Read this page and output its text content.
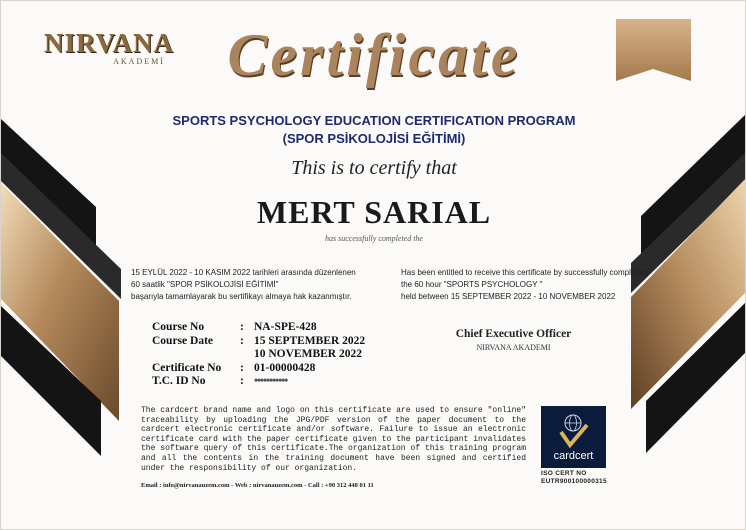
NIRVANA
AKADEMİ	Certificate
SPORTS PSYCHOLOGY EDUCATION CERTIFICATION PROGRAM
(SPOR PSİKOLOJİSİ EĞİTİMİ)
This is to certify that
MERT SARIAL
has successfully completed the
15 EYLÜL 2022 - 10 KASIM 2022 tarihleri arasında düzenlenen
60 saatlik "SPOR PSİKOLOJİSİ EĞİTİMİ"
başarıyla tamamlayarak bu sertifikayı almaya hak kazanmıştır.
Has been entitled to receive this certificate by successfully completing
the 60 hour "SPORTS PSYCHOLOGY "
held between 15 SEPTEMBER 2022 - 10 NOVEMBER 2022
Course No	: NA-SPE-428
Course Date	: 15 SEPTEMBER 2022
10 NOVEMBER 2022
Certificate No	: 01-00000428
T.C. ID No	: •••••••••••
Chief Executive Officer
NIRVANA AKADEMI
The cardcert brand name and logo on this certificate are used to ensure "online" traceability by uploading the JPG/PDF version of the paper document to the cardcert electronic certificate and/or software. Failure to issue an electronic certificate card with the paper certificate given to the participant invalidates the software query of this certificate.The organization of this training program and all the contents in the training document have been signed and certified under the responsibility of our organization.
Email : info@nirvanauzem.com - Web : nirvanauzem.com - Call : +90 312 448 01 11
cardcert
ISO CERT NO
EUTR900100000315
